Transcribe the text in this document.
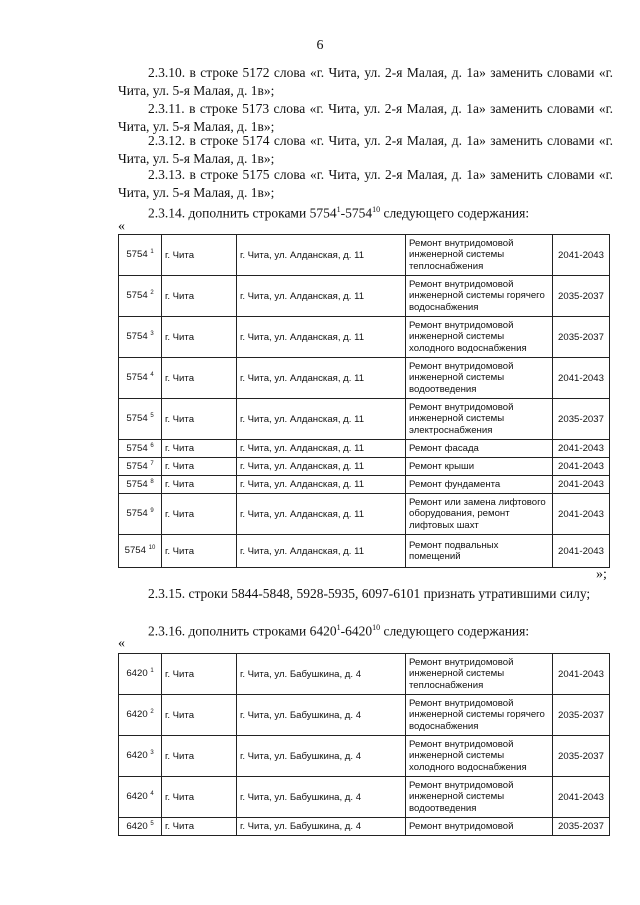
6
2.3.10. в строке 5172 слова «г. Чита, ул. 2-я Малая, д. 1а» заменить словами «г. Чита, ул. 5-я Малая, д. 1в»;
2.3.11. в строке 5173 слова «г. Чита, ул. 2-я Малая, д. 1а» заменить словами «г. Чита, ул. 5-я Малая, д. 1в»;
2.3.12. в строке 5174 слова «г. Чита, ул. 2-я Малая, д. 1а» заменить словами «г. Чита, ул. 5-я Малая, д. 1в»;
2.3.13. в строке 5175 слова «г. Чита, ул. 2-я Малая, д. 1а» заменить словами «г. Чита, ул. 5-я Малая, д. 1в»;
2.3.14. дополнить строками 5754$^1$-5754$^{10}$ следующего содержания:
«
5754 $^1$	г. Чита	г. Чита, ул. Алданская, д. 11	Ремонт внутридомовой инженерной системы теплоснабжения	2041-2043
5754 $^2$	г. Чита	г. Чита, ул. Алданская, д. 11	Ремонт внутридомовой инженерной системы горячего водоснабжения	2035-2037
5754 $^3$	г. Чита	г. Чита, ул. Алданская, д. 11	Ремонт внутридомовой инженерной системы холодного водоснабжения	2035-2037
5754 $^4$	г. Чита	г. Чита, ул. Алданская, д. 11	Ремонт внутридомовой инженерной системы водоотведения	2041-2043
5754 $^5$	г. Чита	г. Чита, ул. Алданская, д. 11	Ремонт внутридомовой инженерной системы электроснабжения	2035-2037
5754 $^6$	г. Чита	г. Чита, ул. Алданская, д. 11	Ремонт фасада	2041-2043
5754 $^7$	г. Чита	г. Чита, ул. Алданская, д. 11	Ремонт крыши	2041-2043
5754 $^8$	г. Чита	г. Чита, ул. Алданская, д. 11	Ремонт фундамента	2041-2043
5754 $^9$	г. Чита	г. Чита, ул. Алданская, д. 11	Ремонт или замена лифтового оборудования, ремонт лифтовых шахт	2041-2043
5754 $^{10}$	г. Чита	г. Чита, ул. Алданская, д. 11	Ремонт подвальных помещений	2041-2043
»;
2.3.15. строки 5844-5848, 5928-5935, 6097-6101 признать утратившими силу;
2.3.16. дополнить строками 6420$^1$-6420$^{10}$ следующего содержания:
«
6420 $^1$	г. Чита	г. Чита, ул. Бабушкина, д. 4	Ремонт внутридомовой инженерной системы теплоснабжения	2041-2043
6420 $^2$	г. Чита	г. Чита, ул. Бабушкина, д. 4	Ремонт внутридомовой инженерной системы горячего водоснабжения	2035-2037
6420 $^3$	г. Чита	г. Чита, ул. Бабушкина, д. 4	Ремонт внутридомовой инженерной системы холодного водоснабжения	2035-2037
6420 $^4$	г. Чита	г. Чита, ул. Бабушкина, д. 4	Ремонт внутридомовой инженерной системы водоотведения	2041-2043
6420 $^5$	г. Чита	г. Чита, ул. Бабушкина, д. 4	Ремонт внутридомовой	2035-2037
